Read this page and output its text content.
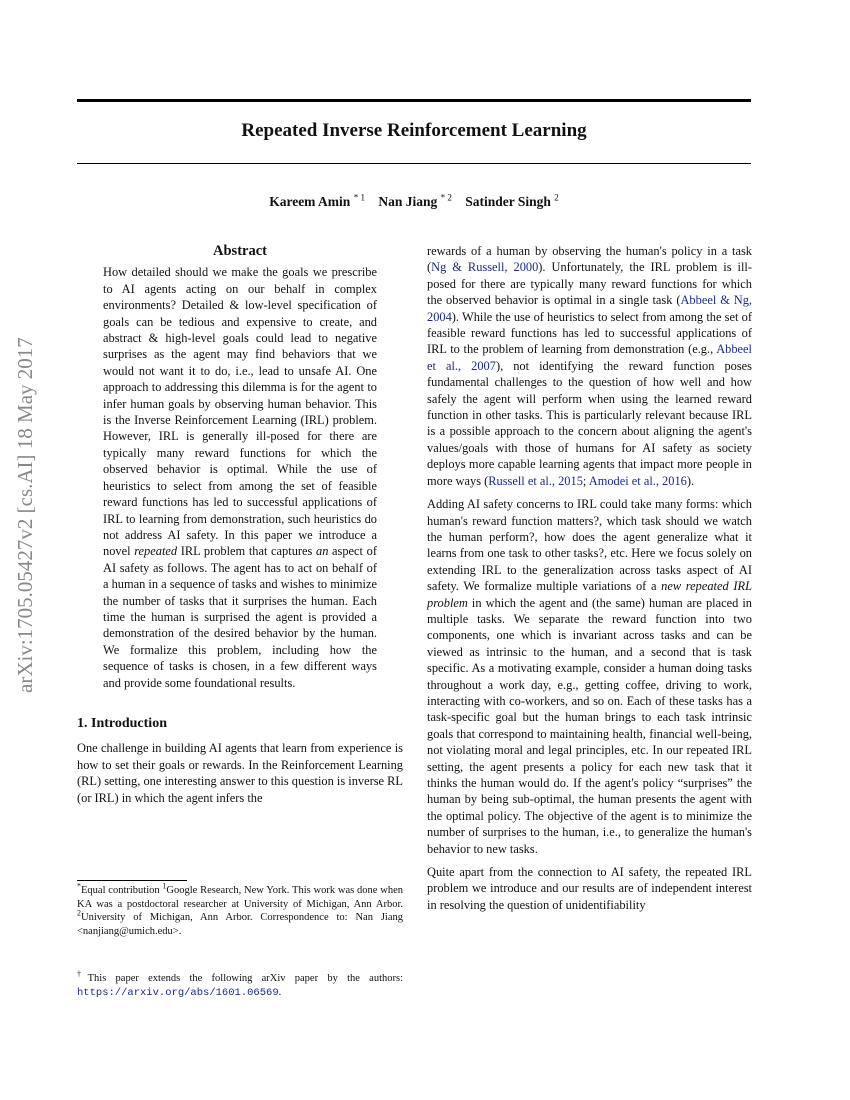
Repeated Inverse Reinforcement Learning
Kareem Amin $^{* 1}$ Nan Jiang $^{* 2}$ Satinder Singh $^2$
arXiv:1705.05427v2 [cs.AI] 18 May 2017
Abstract

How detailed should we make the goals we prescribe to AI agents acting on our behalf in complex environments? Detailed & low-level specification of goals can be tedious and expensive to create, and abstract & high-level goals could lead to negative surprises as the agent may find behaviors that we would not want it to do, i.e., lead to unsafe AI. One approach to addressing this dilemma is for the agent to infer human goals by observing human behavior. This is the Inverse Reinforcement Learning (IRL) problem. However, IRL is generally ill-posed for there are typically many reward functions for which the observed behavior is optimal. While the use of heuristics to select from among the set of feasible reward functions has led to successful applications of IRL to learning from demonstration, such heuristics do not address AI safety. In this paper we introduce a novel repeated IRL problem that captures an aspect of AI safety as follows. The agent has to act on behalf of a human in a sequence of tasks and wishes to minimize the number of tasks that it surprises the human. Each time the human is surprised the agent is provided a demonstration of the desired behavior by the human. We formalize this problem, including how the sequence of tasks is chosen, in a few different ways and provide some foundational results.

1. Introduction

One challenge in building AI agents that learn from experience is how to set their goals or rewards. In the Reinforcement Learning (RL) setting, one interesting answer to this question is inverse RL (or IRL) in which the agent infers the

*Equal contribution $^1$Google Research, New York. This work was done when KA was a postdoctoral researcher at University of Michigan, Ann Arbor. $^2$University of Michigan, Ann Arbor. Correspondence to: Nan Jiang <nanjiang@umich.edu>.

†This paper extends the following arXiv paper by the authors: https://arxiv.org/abs/1601.06569.

rewards of a human by observing the human's policy in a task (Ng & Russell, 2000). Unfortunately, the IRL problem is ill-posed for there are typically many reward functions for which the observed behavior is optimal in a single task (Abbeel & Ng, 2004). While the use of heuristics to select from among the set of feasible reward functions has led to successful applications of IRL to the problem of learning from demonstration (e.g., Abbeel et al., 2007), not identifying the reward function poses fundamental challenges to the question of how well and how safely the agent will perform when using the learned reward function in other tasks. This is particularly relevant because IRL is a possible approach to the concern about aligning the agent's values/goals with those of humans for AI safety as society deploys more capable learning agents that impact more people in more ways (Russell et al., 2015; Amodei et al., 2016).

Adding AI safety concerns to IRL could take many forms: which human's reward function matters?, which task should we watch the human perform?, how does the agent generalize what it learns from one task to other tasks?, etc. Here we focus solely on extending IRL to the generalization across tasks aspect of AI safety. We formalize multiple variations of a new repeated IRL problem in which the agent and (the same) human are placed in multiple tasks. We separate the reward function into two components, one which is invariant across tasks and can be viewed as intrinsic to the human, and a second that is task specific. As a motivating example, consider a human doing tasks throughout a work day, e.g., getting coffee, driving to work, interacting with co-workers, and so on. Each of these tasks has a task-specific goal but the human brings to each task intrinsic goals that correspond to maintaining health, financial well-being, not violating moral and legal principles, etc. In our repeated IRL setting, the agent presents a policy for each new task that it thinks the human would do. If the agent's policy “surprises” the human by being sub-optimal, the human presents the agent with the optimal policy. The objective of the agent is to minimize the number of surprises to the human, i.e., to generalize the human's behavior to new tasks.

Quite apart from the connection to AI safety, the repeated IRL problem we introduce and our results are of independent interest in resolving the question of unidentifiability
